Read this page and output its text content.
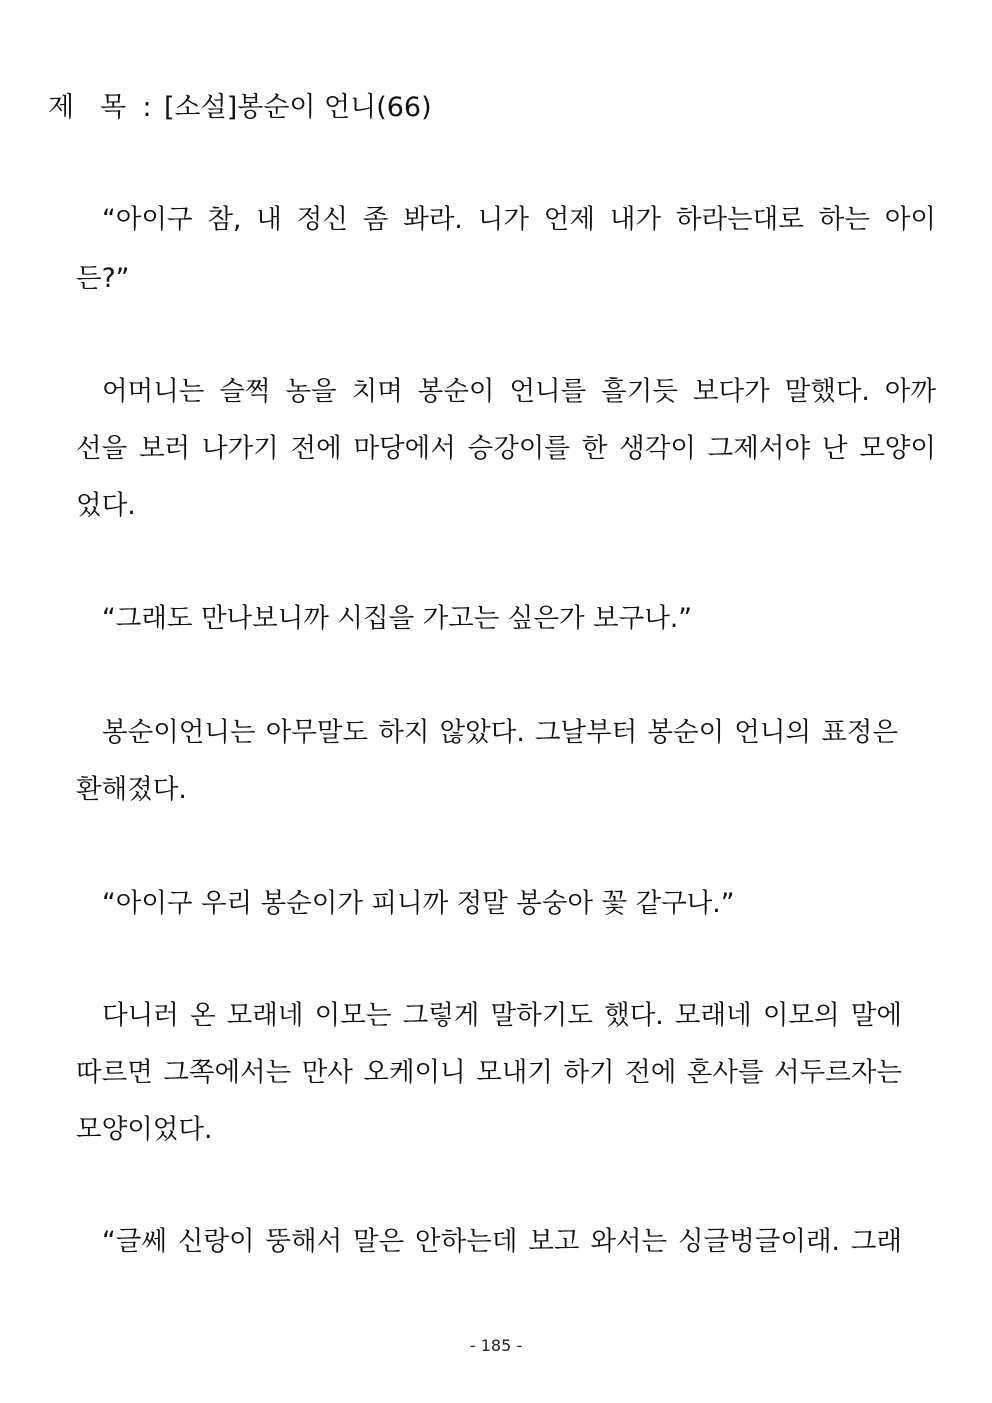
제 목 : [소설]봉순이 언니(66)
“아이구 참, 내 정신 좀 봐라. 니가 언제 내가 하라는대로 하는 아이
든?”
어머니는 슬쩍 농을 치며 봉순이 언니를 흘기듯 보다가 말했다. 아까
선을 보러 나가기 전에 마당에서 승강이를 한 생각이 그제서야 난 모양이
었다.
“그래도 만나보니까 시집을 가고는 싶은가 보구나.”
봉순이언니는 아무말도 하지 않았다. 그날부터 봉순이 언니의 표정은
환해졌다.
“아이구 우리 봉순이가 피니까 정말 봉숭아 꽃 같구나.”
다니러 온 모래네 이모는 그렇게 말하기도 했다. 모래네 이모의 말에
따르면 그쪽에서는 만사 오케이니 모내기 하기 전에 혼사를 서두르자는
모양이었다.
“글쎄 신랑이 뚱해서 말은 안하는데 보고 와서는 싱글벙글이래. 그래
- 185 -
